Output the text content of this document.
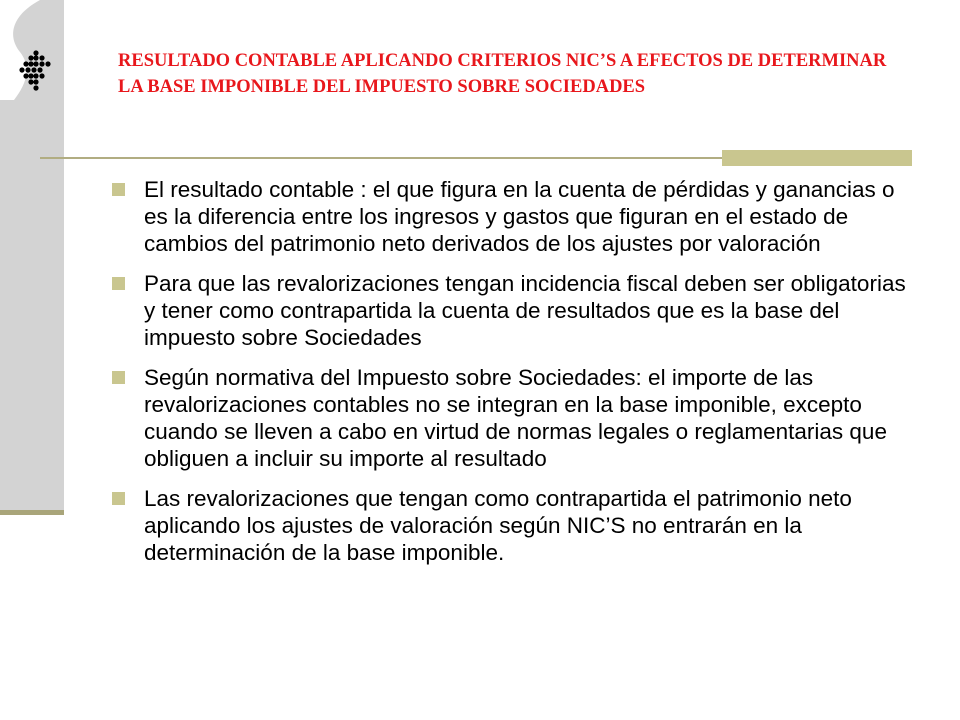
RESULTADO CONTABLE APLICANDO CRITERIOS NIC’S A EFECTOS DE DETERMINAR LA BASE IMPONIBLE DEL IMPUESTO SOBRE SOCIEDADES
El resultado contable : el que figura en la cuenta de pérdidas y ganancias o es la diferencia entre los ingresos y gastos que figuran en el estado de cambios del patrimonio neto derivados de los ajustes por valoración
Para que las revalorizaciones tengan incidencia fiscal deben ser obligatorias y tener como contrapartida la cuenta de resultados que es la base del impuesto sobre Sociedades
Según normativa del Impuesto sobre Sociedades: el importe de las revalorizaciones contables no se integran en la base imponible, excepto cuando se lleven a cabo en virtud de normas legales o reglamentarias que obliguen a incluir su importe al resultado
Las revalorizaciones que tengan como contrapartida el patrimonio neto aplicando los ajustes de valoración según NIC’S no entrarán en la determinación de la base imponible.
